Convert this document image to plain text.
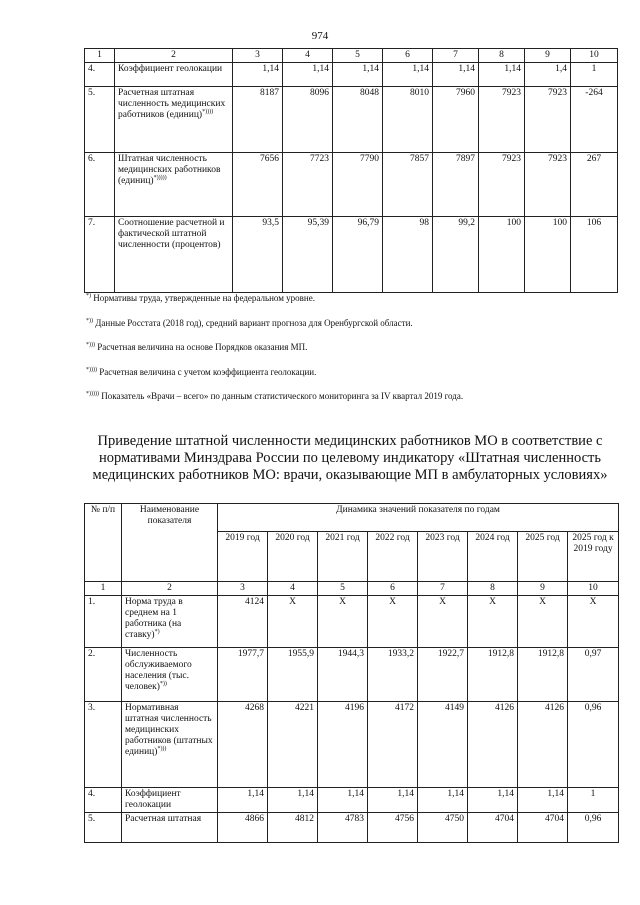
974
1	2	3	4	5	6	7	8	9	10
4.	Коэффициент геолокации	1,14	1,14	1,14	1,14	1,14	1,14	1,4	1
5.	Расчетная штатная численность медицинских работников (единиц)*))))	8187	8096	8048	8010	7960	7923	7923	-264
6.	Штатная численность медицинских работников (единиц)*)))))	7656	7723	7790	7857	7897	7923	7923	267
7.	Соотношение расчетной и фактической штатной численности (процентов)	93,5	95,39	96,79	98	99,2	100	100	106

*) Нормативы труда, утвержденные на федеральном уровне.

*)) Данные Росстата (2018 год), средний вариант прогноза для Оренбургской области.

*))) Расчетная величина на основе Порядков оказания МП.

*)))) Расчетная величина с учетом коэффициента геолокации.

*))))) Показатель «Врачи – всего» по данным статистического мониторинга за IV квартал 2019 года.

Приведение штатной численности медицинских работников МО в соответствие с нормативами Минздрава России по целевому индикатору «Штатная численность медицинских работников МО: врачи, оказывающие МП в амбулаторных условиях»
№ п/п	Наименование показателя	Динамика значений показателя по годам							
		2019 год	2020 год	2021 год	2022 год	2023 год	2024 год	2025 год	2025 год к 2019 году
1	2	3	4	5	6	7	8	9	10
1.	Норма труда в среднем на 1 работника (на ставку)*)	4124	Х	Х	Х	Х	Х	Х	Х
2.	Численность обслуживаемого населения (тыс. человек)*))	1977,7	1955,9	1944,3	1933,2	1922,7	1912,8	1912,8	0,97
3.	Нормативная штатная численность медицинских работников (штатных единиц)*)))	4268	4221	4196	4172	4149	4126	4126	0,96
4.	Коэффициент геолокации	1,14	1,14	1,14	1,14	1,14	1,14	1,14	1
5.	Расчетная штатная	4866	4812	4783	4756	4750	4704	4704	0,96
